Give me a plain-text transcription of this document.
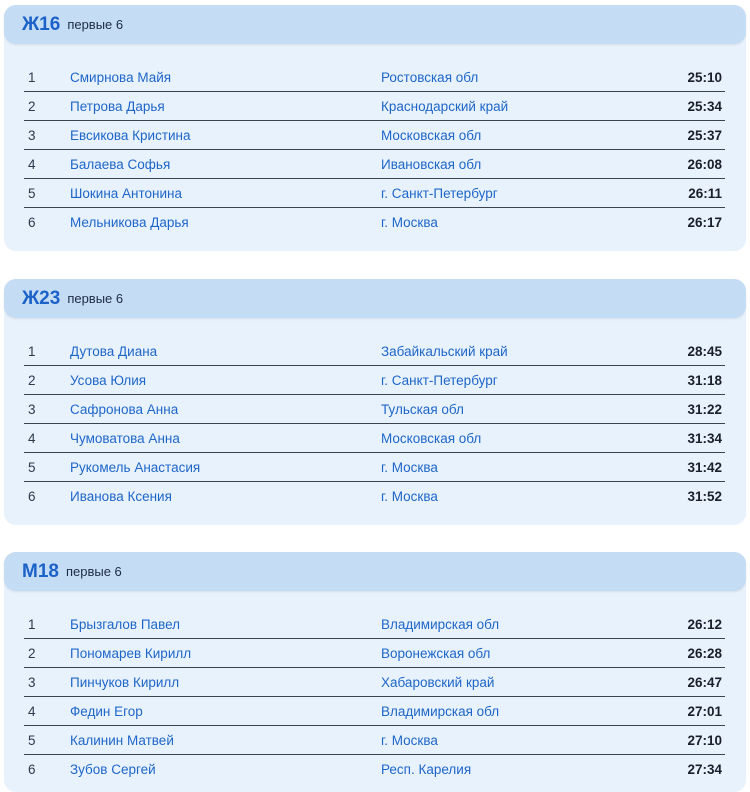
Ж16 первые 6
1	Смирнова Майя	Ростовская обл	25:10
2	Петрова Дарья	Краснодарский край	25:34
3	Евсикова Кристина	Московская обл	25:37
4	Балаева Софья	Ивановская обл	26:08
5	Шокина Антонина	г. Санкт-Петербург	26:11
6	Мельникова Дарья	г. Москва	26:17
Ж23 первые 6
1	Дутова Диана	Забайкальский край	28:45
2	Усова Юлия	г. Санкт-Петербург	31:18
3	Сафронова Анна	Тульская обл	31:22
4	Чумоватова Анна	Московская обл	31:34
5	Рукомель Анастасия	г. Москва	31:42
6	Иванова Ксения	г. Москва	31:52
М18 первые 6
1	Брызгалов Павел	Владимирская обл	26:12
2	Пономарев Кирилл	Воронежская обл	26:28
3	Пинчуков Кирилл	Хабаровский край	26:47
4	Федин Егор	Владимирская обл	27:01
5	Калинин Матвей	г. Москва	27:10
6	Зубов Сергей	Респ. Карелия	27:34
